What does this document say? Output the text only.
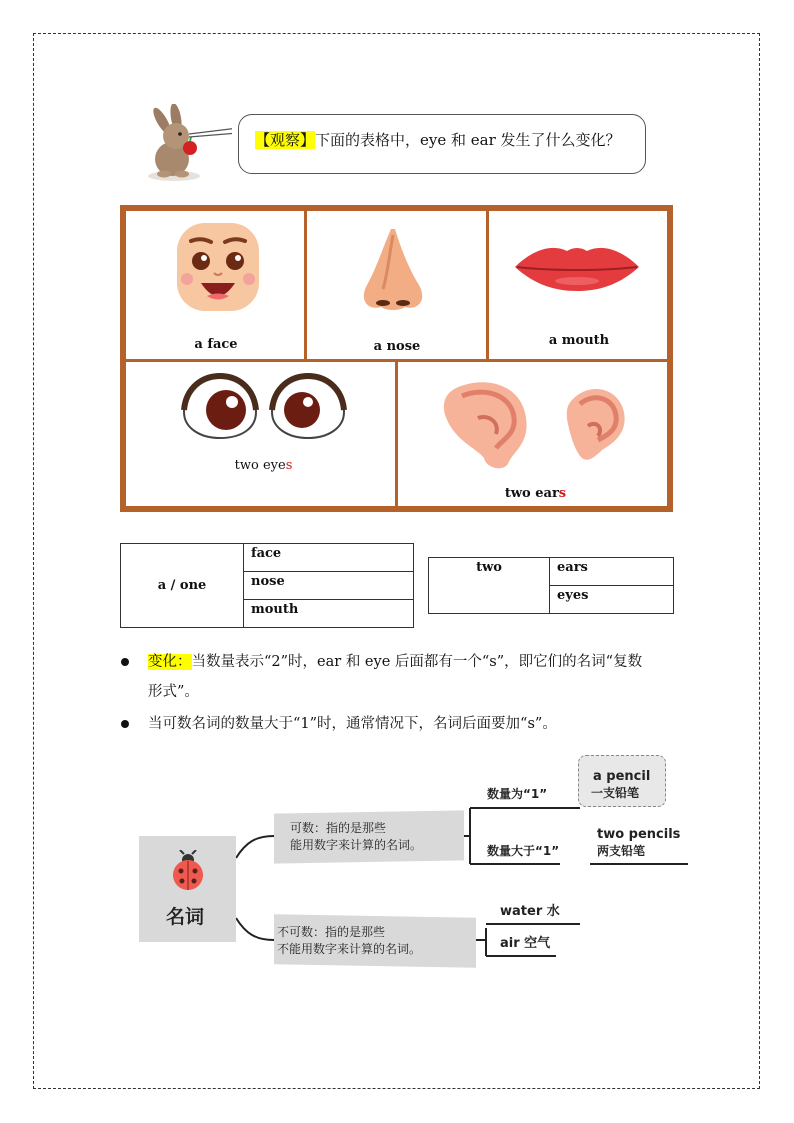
【观察】下面的表格中，eye 和 ear 发生了什么变化？
a face	a nose	a mouth
two eyes
two ears
a / one	face
nose
mouth
two	ears
eyes
变化：当数量表示“2”时，ear 和 eye 后面都有一个“s”，即它们的名词“复数
形式”。
当可数名词的数量大于“1”时，通常情况下，名词后面要加“s”。
名词
可数：指的是那些
能用数字来计算的名词。
不可数：指的是那些
不能用数字来计算的名词。
数量为“1”
数量大于“1”
a pencil
一支铅笔
two pencils
两支铅笔
water 水
air 空气
